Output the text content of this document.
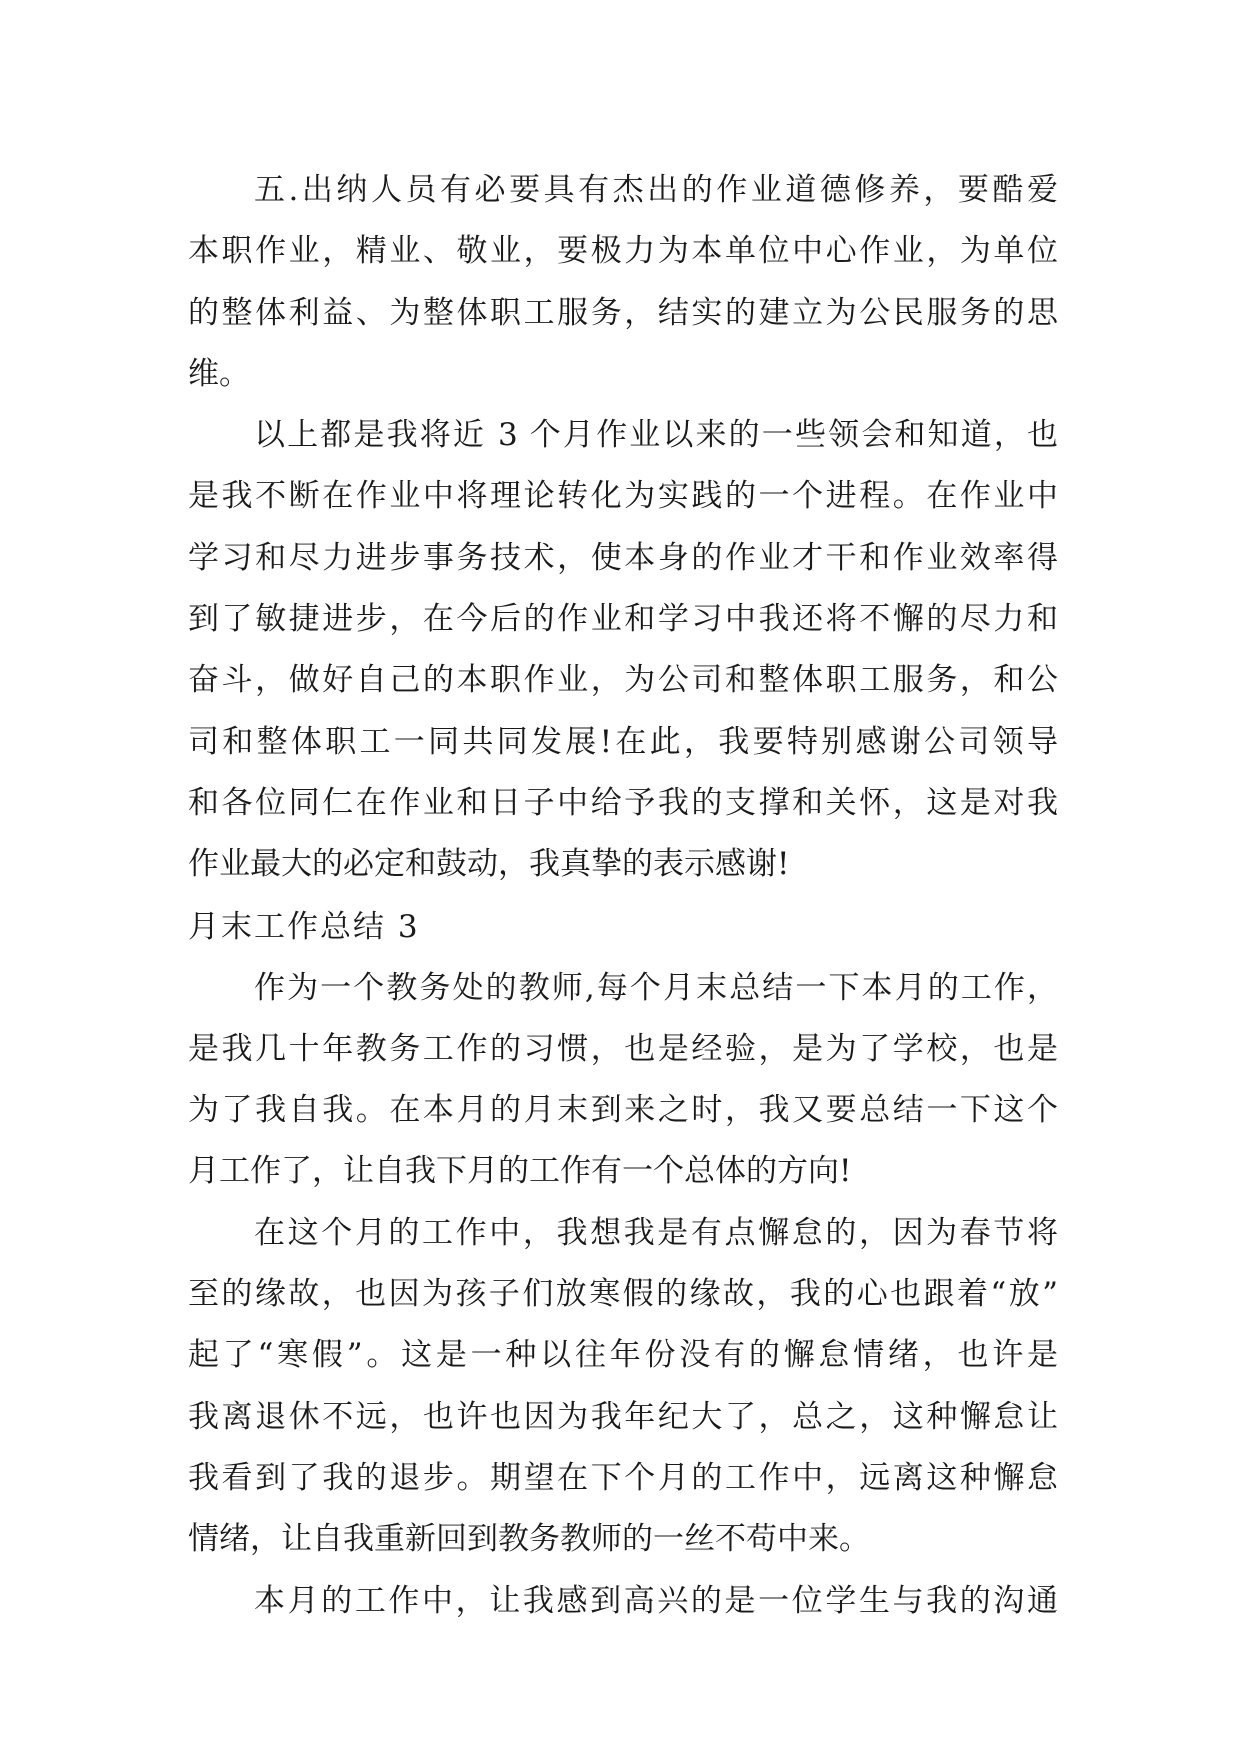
五.出纳人员有必要具有杰出的作业道德修养，要酷爱
本职作业，精业、敬业，要极力为本单位中心作业，为单位
的整体利益、为整体职工服务，结实的建立为公民服务的思
维。
以上都是我将近 3 个月作业以来的一些领会和知道，也
是我不断在作业中将理论转化为实践的一个进程。在作业中
学习和尽力进步事务技术，使本身的作业才干和作业效率得
到了敏捷进步，在今后的作业和学习中我还将不懈的尽力和
奋斗，做好自己的本职作业，为公司和整体职工服务，和公
司和整体职工一同共同发展!在此，我要特别感谢公司领导
和各位同仁在作业和日子中给予我的支撑和关怀，这是对我
作业最大的必定和鼓动，我真挚的表示感谢!
月末工作总结 3
作为一个教务处的教师,每个月末总结一下本月的工作，
是我几十年教务工作的习惯，也是经验，是为了学校，也是
为了我自我。在本月的月末到来之时，我又要总结一下这个
月工作了，让自我下月的工作有一个总体的方向!
在这个月的工作中，我想我是有点懈怠的，因为春节将
至的缘故，也因为孩子们放寒假的缘故，我的心也跟着“放”
起了“寒假”。这是一种以往年份没有的懈怠情绪，也许是
我离退休不远，也许也因为我年纪大了，总之，这种懈怠让
我看到了我的退步。期望在下个月的工作中，远离这种懈怠
情绪，让自我重新回到教务教师的一丝不苟中来。
本月的工作中，让我感到高兴的是一位学生与我的沟通
